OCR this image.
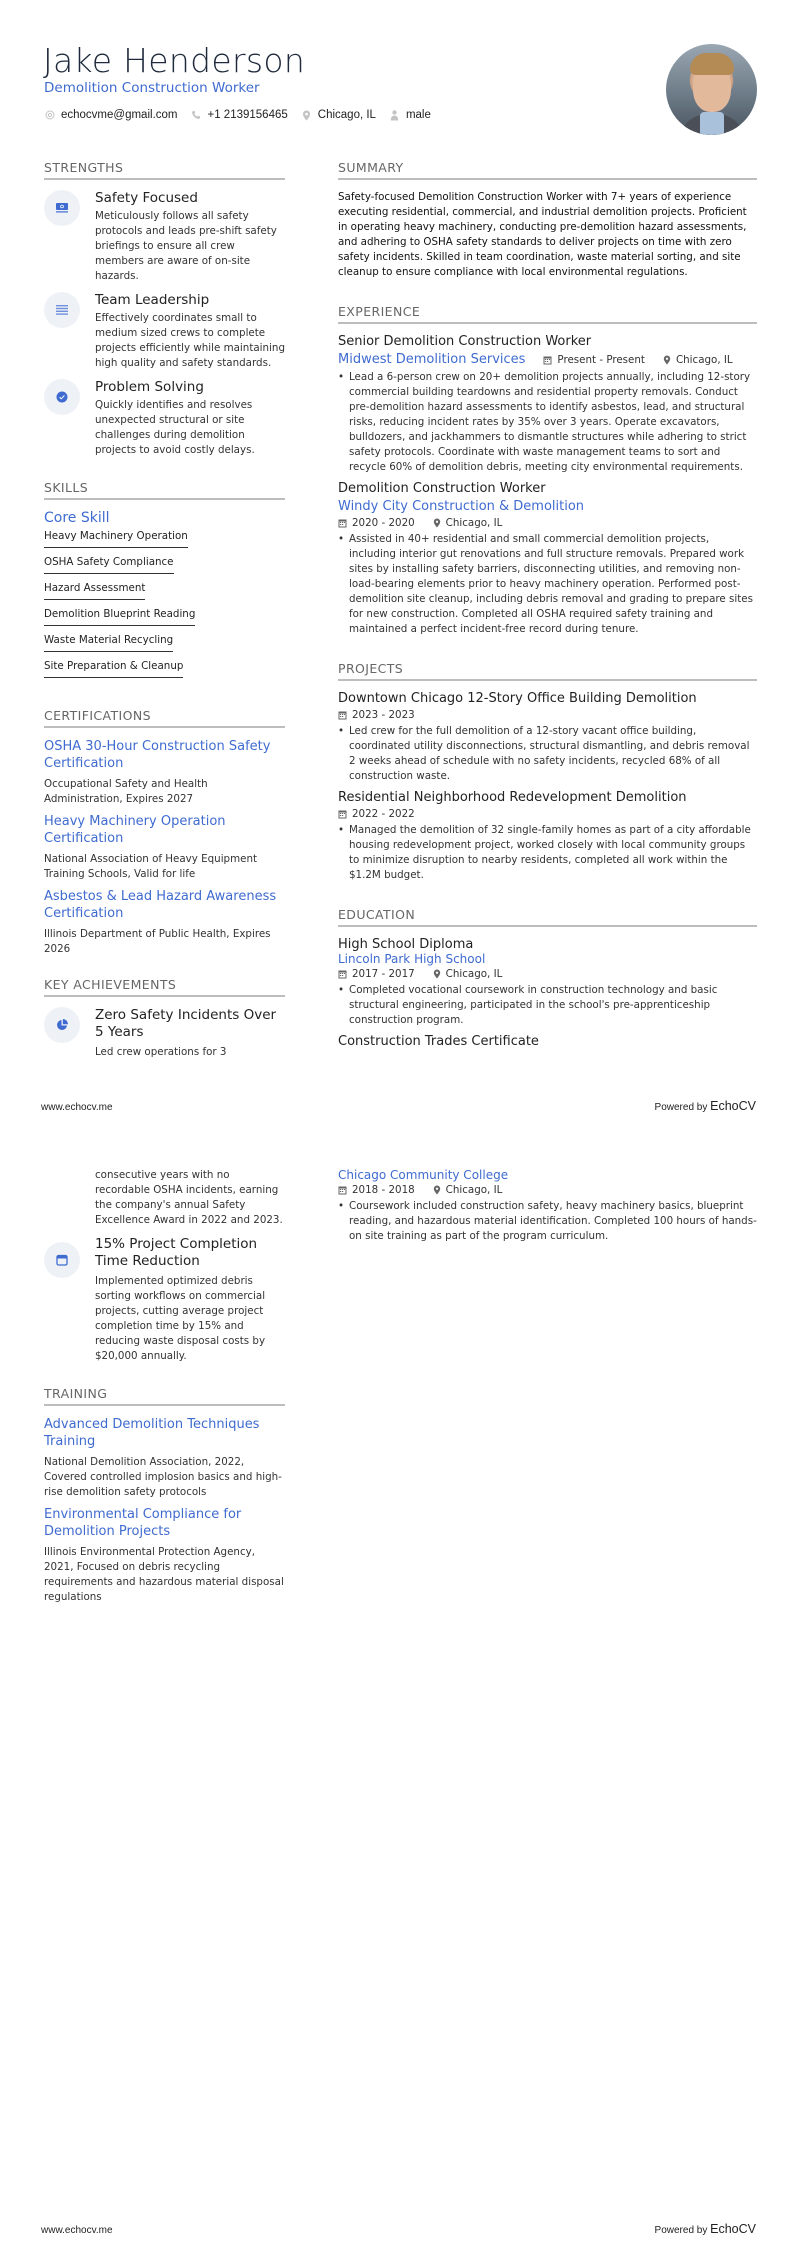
Jake Henderson
Demolition Construction Worker
echocvme@gmail.com	+1 2139156465	Chicago, IL	male
STRENGTHS
Safety Focused
Meticulously follows all safety protocols and leads pre-shift safety briefings to ensure all crew members are aware of on-site hazards.
Team Leadership
Effectively coordinates small to medium sized crews to complete projects efficiently while maintaining high quality and safety standards.
Problem Solving
Quickly identifies and resolves unexpected structural or site challenges during demolition projects to avoid costly delays.
SKILLS
Core Skill
Heavy Machinery Operation
OSHA Safety Compliance
Hazard Assessment
Demolition Blueprint Reading
Waste Material Recycling
Site Preparation & Cleanup
CERTIFICATIONS
OSHA 30-Hour Construction Safety Certification
Occupational Safety and Health Administration, Expires 2027
Heavy Machinery Operation Certification
National Association of Heavy Equipment Training Schools, Valid for life
Asbestos & Lead Hazard Awareness Certification
Illinois Department of Public Health, Expires 2026
KEY ACHIEVEMENTS
Zero Safety Incidents Over 5 Years
Led crew operations for 3
SUMMARY
Safety-focused Demolition Construction Worker with 7+ years of experience executing residential, commercial, and industrial demolition projects. Proficient in operating heavy machinery, conducting pre-demolition hazard assessments, and adhering to OSHA safety standards to deliver projects on time with zero safety incidents. Skilled in team coordination, waste material sorting, and site cleanup to ensure compliance with local environmental regulations.
EXPERIENCE
Senior Demolition Construction Worker
Midwest Demolition Services	Present - Present	Chicago, IL
• Lead a 6-person crew on 20+ demolition projects annually, including 12-story commercial building teardowns and residential property removals. Conduct pre-demolition hazard assessments to identify asbestos, lead, and structural risks, reducing incident rates by 35% over 3 years. Operate excavators, bulldozers, and jackhammers to dismantle structures while adhering to strict safety protocols. Coordinate with waste management teams to sort and recycle 60% of demolition debris, meeting city environmental requirements.
Demolition Construction Worker
Windy City Construction & Demolition
2020 - 2020	Chicago, IL
• Assisted in 40+ residential and small commercial demolition projects, including interior gut renovations and full structure removals. Prepared work sites by installing safety barriers, disconnecting utilities, and removing non-load-bearing elements prior to heavy machinery operation. Performed post-demolition site cleanup, including debris removal and grading to prepare sites for new construction. Completed all OSHA required safety training and maintained a perfect incident-free record during tenure.
PROJECTS
Downtown Chicago 12-Story Office Building Demolition
2023 - 2023
• Led crew for the full demolition of a 12-story vacant office building, coordinated utility disconnections, structural dismantling, and debris removal 2 weeks ahead of schedule with no safety incidents, recycled 68% of all construction waste.
Residential Neighborhood Redevelopment Demolition
2022 - 2022
• Managed the demolition of 32 single-family homes as part of a city affordable housing redevelopment project, worked closely with local community groups to minimize disruption to nearby residents, completed all work within the $1.2M budget.
EDUCATION
High School Diploma
Lincoln Park High School
2017 - 2017	Chicago, IL
• Completed vocational coursework in construction technology and basic structural engineering, participated in the school's pre-apprenticeship construction program.
Construction Trades Certificate
www.echocv.me	Powered by EchoCV
consecutive years with no recordable OSHA incidents, earning the company's annual Safety Excellence Award in 2022 and 2023.
15% Project Completion Time Reduction
Implemented optimized debris sorting workflows on commercial projects, cutting average project completion time by 15% and reducing waste disposal costs by $20,000 annually.
TRAINING
Advanced Demolition Techniques Training
National Demolition Association, 2022, Covered controlled implosion basics and high-rise demolition safety protocols
Environmental Compliance for Demolition Projects
Illinois Environmental Protection Agency, 2021, Focused on debris recycling requirements and hazardous material disposal regulations
Chicago Community College
2018 - 2018	Chicago, IL
• Coursework included construction safety, heavy machinery basics, blueprint reading, and hazardous material identification. Completed 100 hours of hands-on site training as part of the program curriculum.
www.echocv.me	Powered by EchoCV
